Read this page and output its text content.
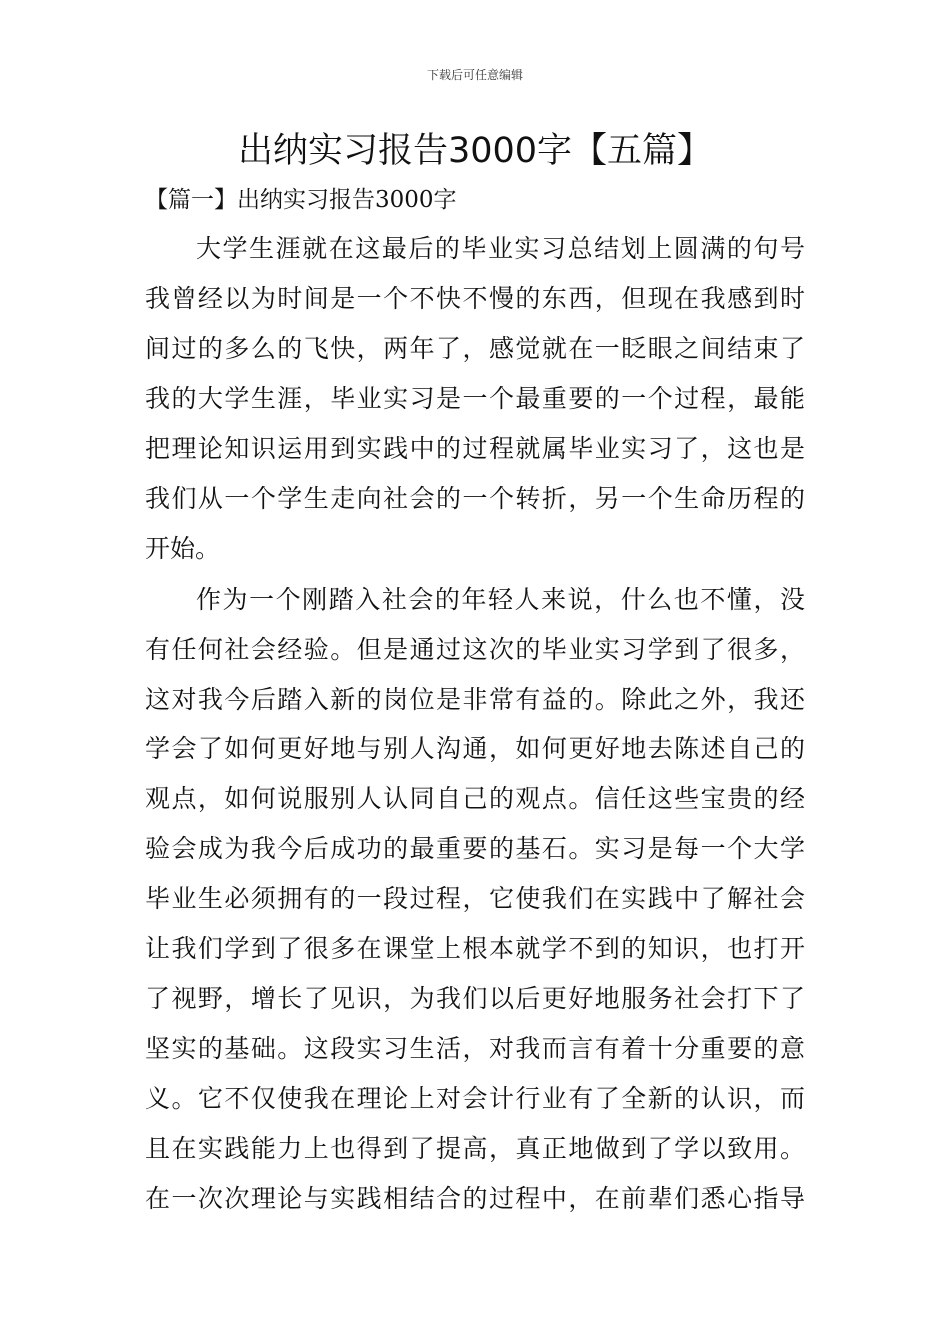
下载后可任意编辑
出纳实习报告3000字【五篇】
【篇一】出纳实习报告3000字
大学生涯就在这最后的毕业实习总结划上圆满的句号
我曾经以为时间是一个不快不慢的东西，但现在我感到时
间过的多么的飞快，两年了，感觉就在一眨眼之间结束了
我的大学生涯，毕业实习是一个最重要的一个过程，最能
把理论知识运用到实践中的过程就属毕业实习了，这也是
我们从一个学生走向社会的一个转折，另一个生命历程的
开始。
作为一个刚踏入社会的年轻人来说，什么也不懂，没
有任何社会经验。但是通过这次的毕业实习学到了很多，
这对我今后踏入新的岗位是非常有益的。除此之外，我还
学会了如何更好地与别人沟通，如何更好地去陈述自己的
观点，如何说服别人认同自己的观点。信任这些宝贵的经
验会成为我今后成功的最重要的基石。实习是每一个大学
毕业生必须拥有的一段过程，它使我们在实践中了解社会
让我们学到了很多在课堂上根本就学不到的知识，也打开
了视野，增长了见识，为我们以后更好地服务社会打下了
坚实的基础。这段实习生活，对我而言有着十分重要的意
义。它不仅使我在理论上对会计行业有了全新的认识，而
且在实践能力上也得到了提高，真正地做到了学以致用。
在一次次理论与实践相结合的过程中，在前辈们悉心指导
